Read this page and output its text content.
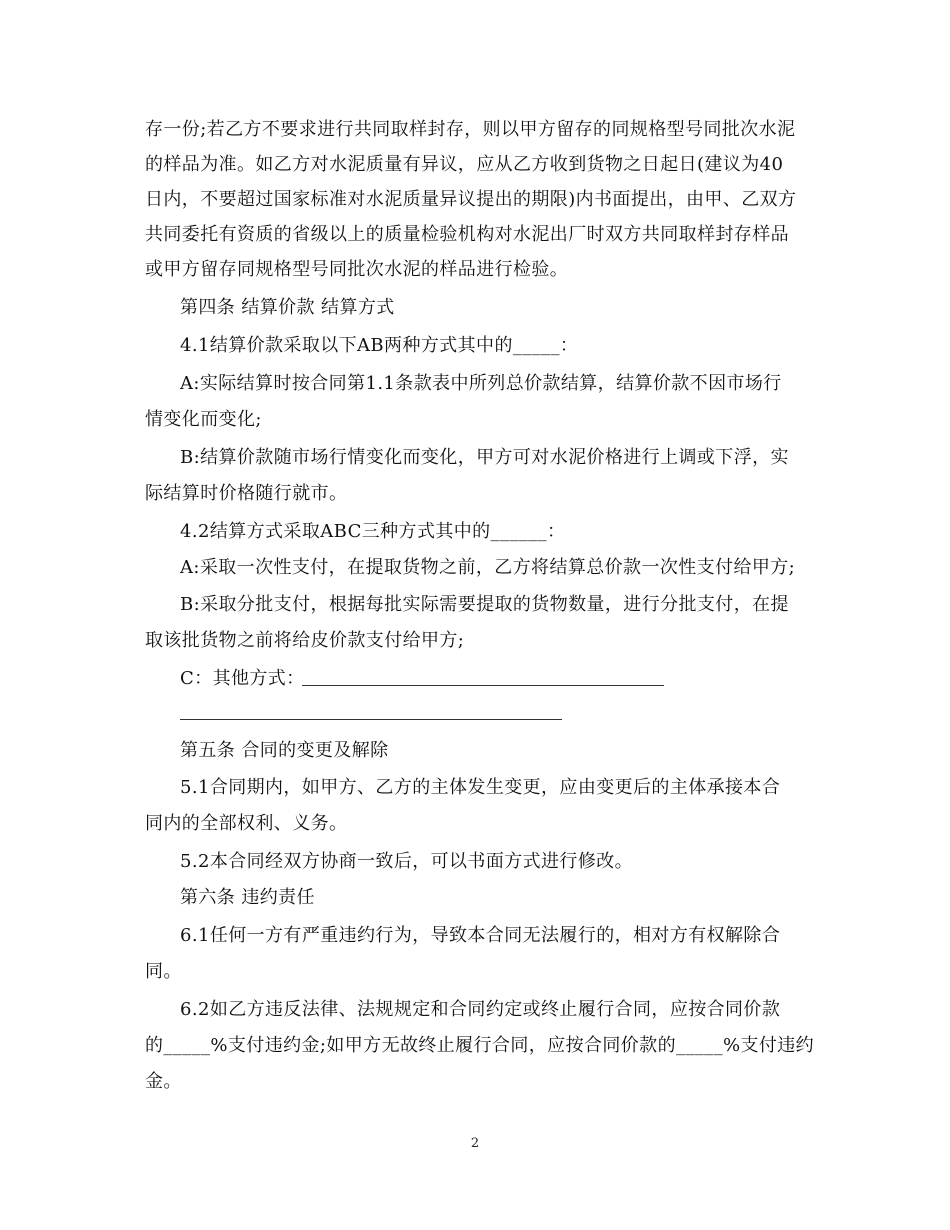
存一份;若乙方不要求进行共同取样封存，则以甲方留存的同规格型号同批次水泥
的样品为准。如乙方对水泥质量有异议，应从乙方收到货物之日起日(建议为40
日内，不要超过国家标准对水泥质量异议提出的期限)内书面提出，由甲、乙双方
共同委托有资质的省级以上的质量检验机构对水泥出厂时双方共同取样封存样品
或甲方留存同规格型号同批次水泥的样品进行检验。
第四条 结算价款 结算方式
4.1结算价款采取以下AB两种方式其中的_____：
A:实际结算时按合同第1.1条款表中所列总价款结算，结算价款不因市场行
情变化而变化;
B:结算价款随市场行情变化而变化，甲方可对水泥价格进行上调或下浮，实
际结算时价格随行就市。
4.2结算方式采取ABC三种方式其中的______：
A:采取一次性支付，在提取货物之前，乙方将结算总价款一次性支付给甲方;
B:采取分批支付，根据每批实际需要提取的货物数量，进行分批支付，在提
取该批货物之前将给皮价款支付给甲方;
C：其他方式：
第五条 合同的变更及解除
5.1合同期内，如甲方、乙方的主体发生变更，应由变更后的主体承接本合
同内的全部权利、义务。
5.2本合同经双方协商一致后，可以书面方式进行修改。
第六条 违约责任
6.1任何一方有严重违约行为，导致本合同无法履行的，相对方有权解除合
同。
6.2如乙方违反法律、法规规定和合同约定或终止履行合同，应按合同价款
的_____%支付违约金;如甲方无故终止履行合同，应按合同价款的_____%支付违约
金。
2
